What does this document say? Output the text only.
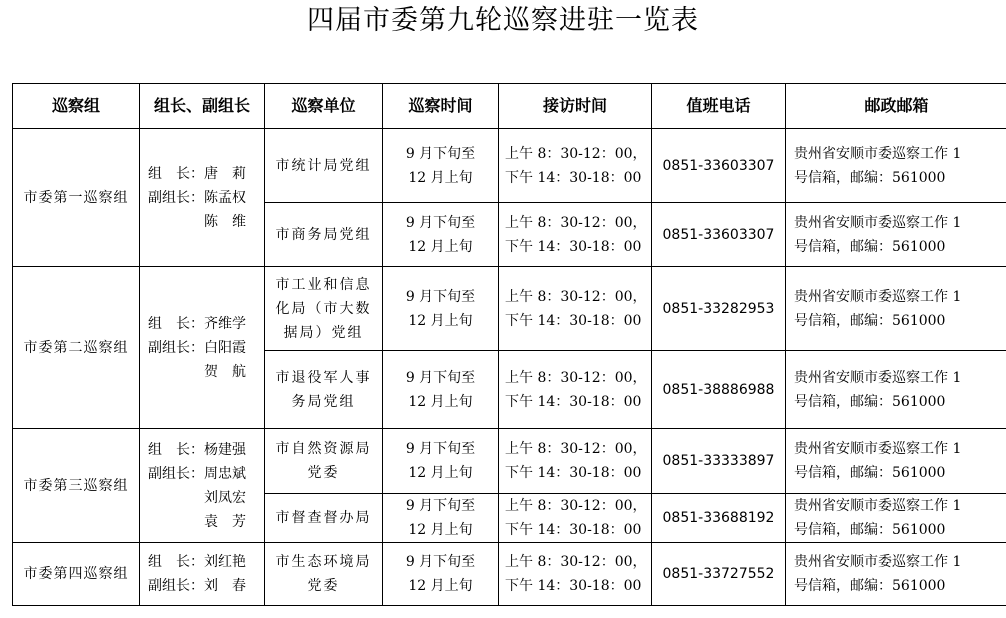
四届市委第九轮巡察进驻一览表
巡察组	组长、副组长	巡察单位	巡察时间	接访时间	值班电话	邮政邮箱
市委第一巡察组	组　长：唐　莉
副组长：陈孟权
　　　　陈　维	市统计局党组	9 月下旬至
12 月上旬	上午 8：30-12：00，
下午 14：30-18：00	0851-33603307	贵州省安顺市委巡察工作 1
号信箱，邮编：561000

		市商务局党组	9 月下旬至
12 月上旬	上午 8：30-12：00，
下午 14：30-18：00	0851-33603307	贵州省安顺市委巡察工作 1
号信箱，邮编：561000

市委第二巡察组	组　长：齐维学
副组长：白阳霞
　　　　贺　航	市工业和信息
化局（市大数
据局）党组	9 月下旬至
12 月上旬	上午 8：30-12：00，
下午 14：30-18：00	0851-33282953	贵州省安顺市委巡察工作 1
号信箱，邮编：561000

		市退役军人事
务局党组	9 月下旬至
12 月上旬	上午 8：30-12：00，
下午 14：30-18：00	0851-38886988	贵州省安顺市委巡察工作 1
号信箱，邮编：561000

市委第三巡察组	组　长：杨建强
副组长：周忠斌
　　　　刘凤宏
　　　　袁　芳	市自然资源局
党委	9 月下旬至
12 月上旬	上午 8：30-12：00，
下午 14：30-18：00	0851-33333897	贵州省安顺市委巡察工作 1
号信箱，邮编：561000

		市督查督办局	9 月下旬至
12 月上旬	上午 8：30-12：00，
下午 14：30-18：00	0851-33688192	贵州省安顺市委巡察工作 1
号信箱，邮编：561000

市委第四巡察组	组　长：刘红艳
副组长：刘　春	市生态环境局
党委	9 月下旬至
12 月上旬	上午 8：30-12：00，
下午 14：30-18：00	0851-33727552	贵州省安顺市委巡察工作 1
号信箱，邮编：561000
